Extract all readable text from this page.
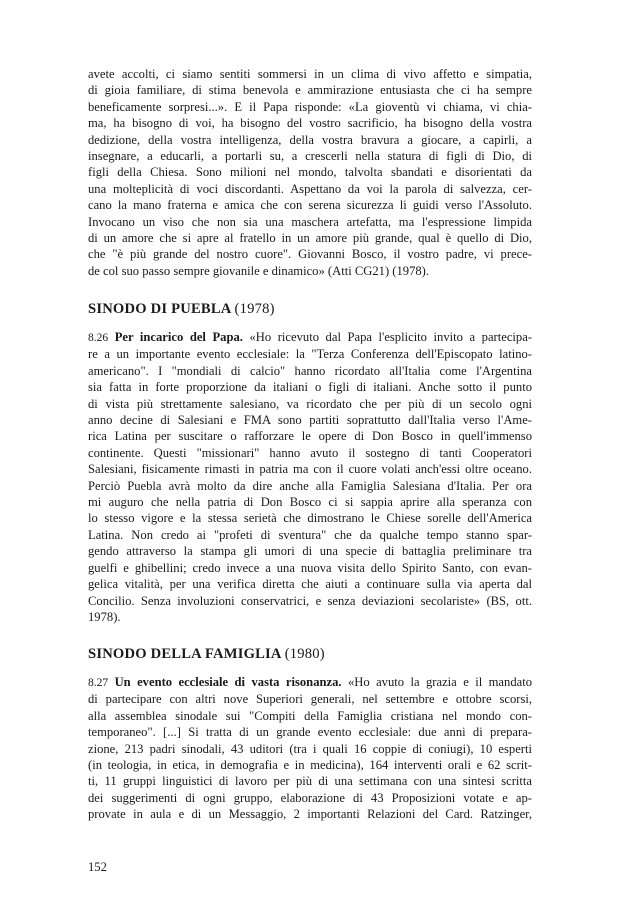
avete accolti, ci siamo sentiti sommersi in un clima di vivo affetto e simpatia,
di gioia familiare, di stima benevola e ammirazione entusiasta che ci ha sempre
beneficamente sorpresi...». E il Papa risponde: «La gioventù vi chiama, vi chia-
ma, ha bisogno di voi, ha bisogno del vostro sacrificio, ha bisogno della vostra
dedizione, della vostra intelligenza, della vostra bravura a giocare, a capirli, a
insegnare, a educarli, a portarli su, a crescerli nella statura di figli di Dio, di
figli della Chiesa. Sono milioni nel mondo, talvolta sbandati e disorientati da
una molteplicità di voci discordanti. Aspettano da voi la parola di salvezza, cer-
cano la mano fraterna e amica che con serena sicurezza li guidi verso l'Assoluto.
Invocano un viso che non sia una maschera artefatta, ma l'espressione limpida
di un amore che si apre al fratello in un amore più grande, qual è quello di Dio,
che "è più grande del nostro cuore". Giovanni Bosco, il vostro padre, vi prece-
de col suo passo sempre giovanile e dinamico» (Atti CG21) (1978).

SINODO DI PUEBLA (1978)

8.26 Per incarico del Papa. «Ho ricevuto dal Papa l'esplicito invito a partecipa-
re a un importante evento ecclesiale: la "Terza Conferenza dell'Episcopato latino-
americano". I "mondiali di calcio" hanno ricordato all'Italia come l'Argentina
sia fatta in forte proporzione da italiani o figli di italiani. Anche sotto il punto
di vista più strettamente salesiano, va ricordato che per più di un secolo ogni
anno decine di Salesiani e FMA sono partiti soprattutto dall'Italia verso l'Ame-
rica Latina per suscitare o rafforzare le opere di Don Bosco in quell'immenso
continente. Questi "missionari" hanno avuto il sostegno di tanti Cooperatori
Salesiani, fisicamente rimasti in patria ma con il cuore volati anch'essi oltre oceano.
Perciò Puebla avrà molto da dire anche alla Famiglia Salesiana d'Italia. Per ora
mi auguro che nella patria di Don Bosco ci si sappia aprire alla speranza con
lo stesso vigore e la stessa serietà che dimostrano le Chiese sorelle dell'America
Latina. Non credo ai "profeti di sventura" che da qualche tempo stanno spar-
gendo attraverso la stampa gli umori di una specie di battaglia preliminare tra
guelfi e ghibellini; credo invece a una nuova visita dello Spirito Santo, con evan-
gelica vitalità, per una verifica diretta che aiuti a continuare sulla via aperta dal
Concilio. Senza involuzioni conservatrici, e senza deviazioni secolariste» (BS, ott.
1978).

SINODO DELLA FAMIGLIA (1980)

8.27 Un evento ecclesiale di vasta risonanza. «Ho avuto la grazia e il mandato
di partecipare con altri nove Superiori generali, nel settembre e ottobre scorsi,
alla assemblea sinodale sui "Compiti della Famiglia cristiana nel mondo con-
temporaneo". [...] Si tratta di un grande evento ecclesiale: due anni di prepara-
zione, 213 padri sinodali, 43 uditori (tra i quali 16 coppie di coniugi), 10 esperti
(in teologia, in etica, in demografia e in medicina), 164 interventi orali e 62 scrit-
ti, 11 gruppi linguistici di lavoro per più di una settimana con una sintesi scritta
dei suggerimenti di ogni gruppo, elaborazione di 43 Proposizioni votate e ap-
provate in aula e di un Messaggio, 2 importanti Relazioni del Card. Ratzinger,

152
